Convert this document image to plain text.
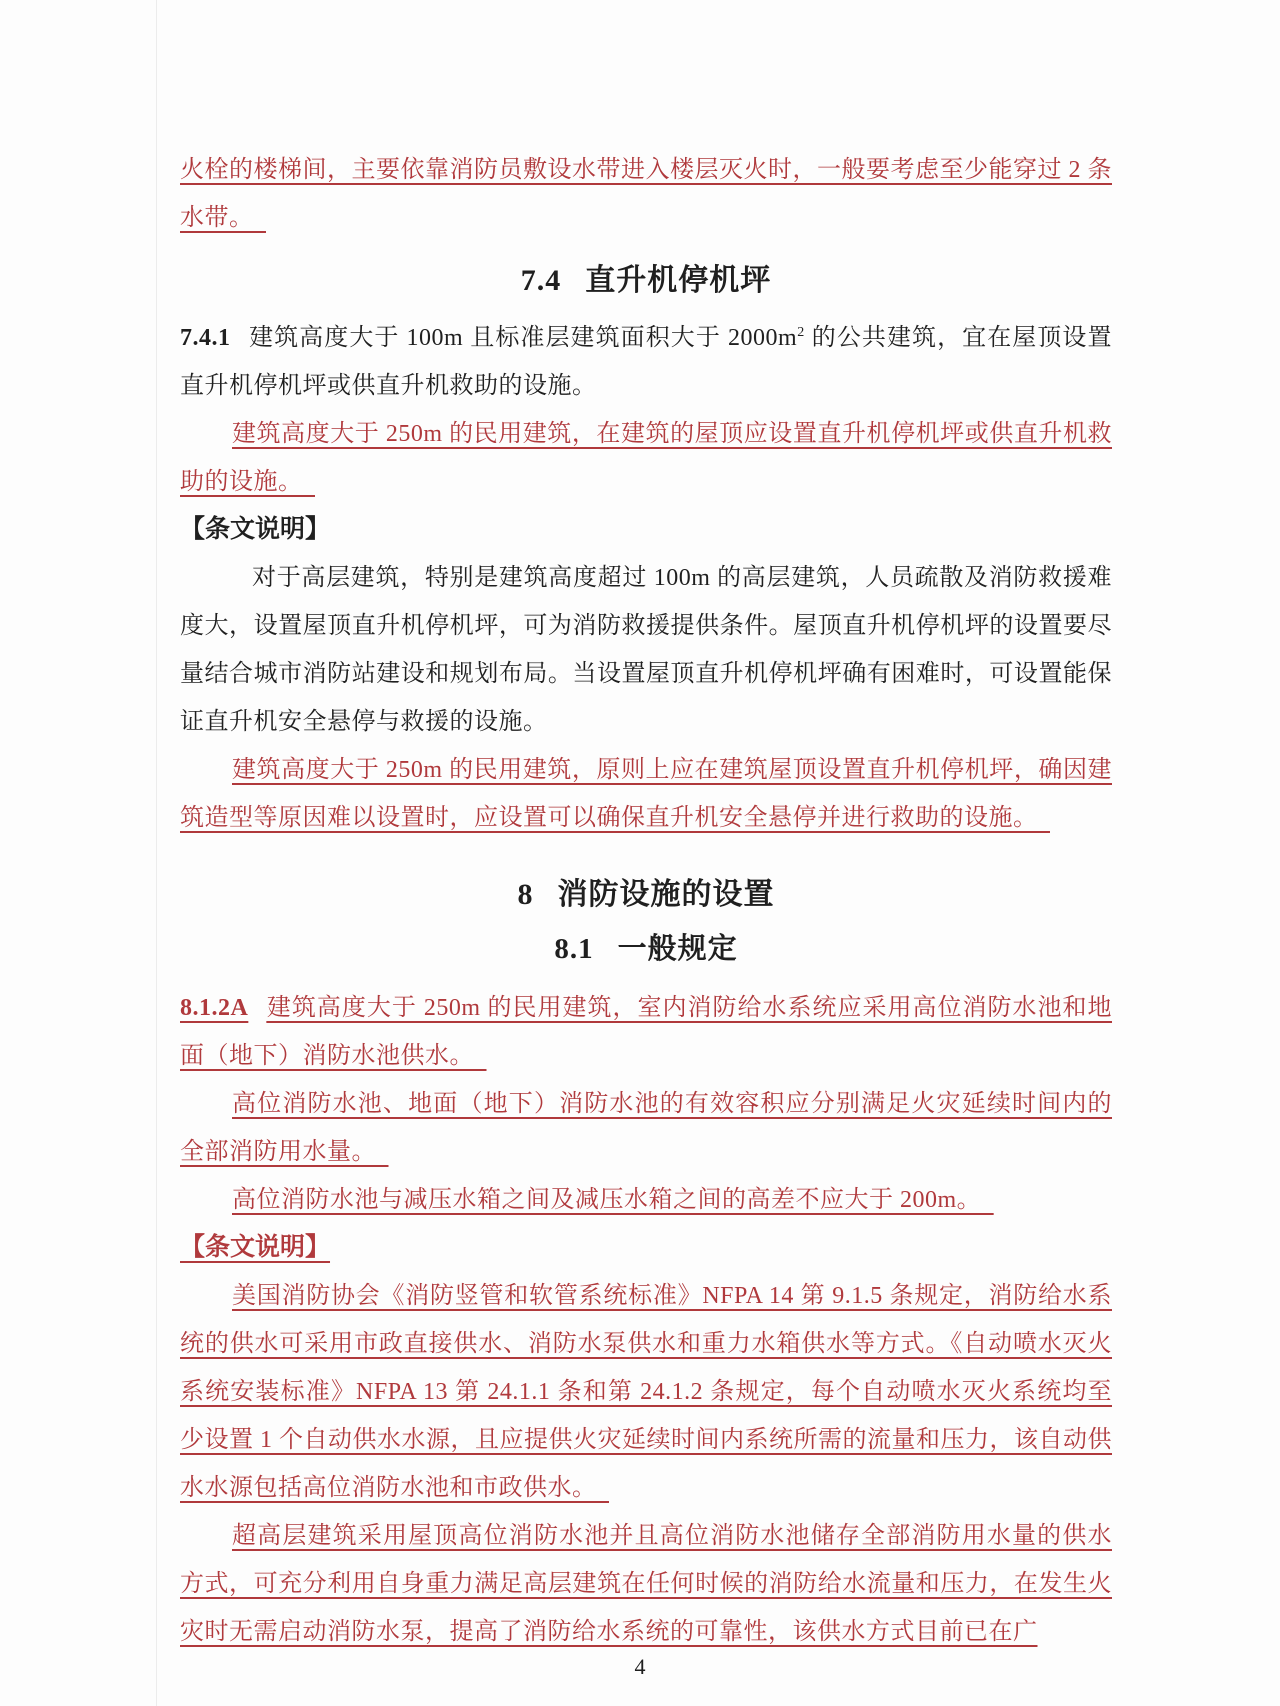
火栓的楼梯间，主要依靠消防员敷设水带进入楼层灭火时，一般要考虑至少能穿过 2 条水带。　

7.4 直升机停机坪

7.4.1 建筑高度大于 100m 且标准层建筑面积大于 $2000m^2$ 的公共建筑，宜在屋顶设置直升机停机坪或供直升机救助的设施。

建筑高度大于 250m 的民用建筑，在建筑的屋顶应设置直升机停机坪或供直升机救助的设施。　

【条文说明】

对于高层建筑，特别是建筑高度超过 100m 的高层建筑，人员疏散及消防救援难度大，设置屋顶直升机停机坪，可为消防救援提供条件。屋顶直升机停机坪的设置要尽量结合城市消防站建设和规划布局。当设置屋顶直升机停机坪确有困难时，可设置能保证直升机安全悬停与救援的设施。

建筑高度大于 250m 的民用建筑，原则上应在建筑屋顶设置直升机停机坪，确因建筑造型等原因难以设置时，应设置可以确保直升机安全悬停并进行救助的设施。　

8 消防设施的设置
8.1 一般规定

8.1.2A 建筑高度大于 250m 的民用建筑，室内消防给水系统应采用高位消防水池和地面（地下）消防水池供水。　

高位消防水池、地面（地下）消防水池的有效容积应分别满足火灾延续时间内的全部消防用水量。　

高位消防水池与减压水箱之间及减压水箱之间的高差不应大于 200m。　

【条文说明】

美国消防协会《消防竖管和软管系统标准》NFPA 14 第 9.1.5 条规定，消防给水系统的供水可采用市政直接供水、消防水泵供水和重力水箱供水等方式。《自动喷水灭火系统安装标准》NFPA 13 第 24.1.1 条和第 24.1.2 条规定，每个自动喷水灭火系统均至少设置 1 个自动供水水源，且应提供火灾延续时间内系统所需的流量和压力，该自动供水水源包括高位消防水池和市政供水。　

超高层建筑采用屋顶高位消防水池并且高位消防水池储存全部消防用水量的供水方式，可充分利用自身重力满足高层建筑在任何时候的消防给水流量和压力，在发生火灾时无需启动消防水泵，提高了消防给水系统的可靠性，该供水方式目前已在广

4
